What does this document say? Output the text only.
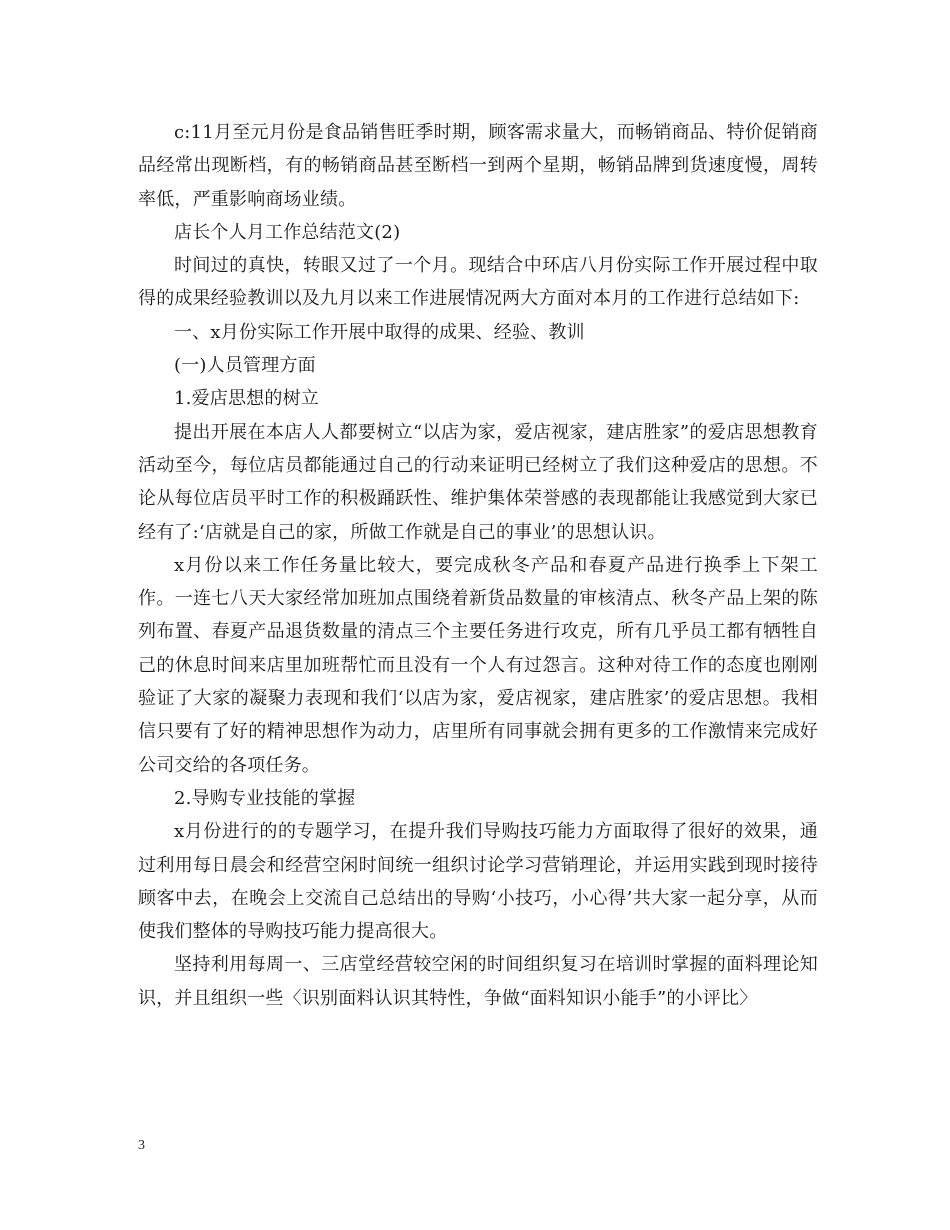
c:11月至元月份是食品销售旺季时期，顾客需求量大，而畅销商品、特价促销商品经常出现断档，有的畅销商品甚至断档一到两个星期，畅销品牌到货速度慢，周转率低，严重影响商场业绩。

店长个人月工作总结范文(2)

时间过的真快，转眼又过了一个月。现结合中环店八月份实际工作开展过程中取得的成果经验教训以及九月以来工作进展情况两大方面对本月的工作进行总结如下:

一、x月份实际工作开展中取得的成果、经验、教训

(一)人员管理方面

1.爱店思想的树立

提出开展在本店人人都要树立“以店为家，爱店视家，建店胜家”的爱店思想教育活动至今，每位店员都能通过自己的行动来证明已经树立了我们这种爱店的思想。不论从每位店员平时工作的积极踊跃性、维护集体荣誉感的表现都能让我感觉到大家已经有了:‘店就是自己的家，所做工作就是自己的事业’的思想认识。

x月份以来工作任务量比较大，要完成秋冬产品和春夏产品进行换季上下架工作。一连七八天大家经常加班加点围绕着新货品数量的审核清点、秋冬产品上架的陈列布置、春夏产品退货数量的清点三个主要任务进行攻克，所有几乎员工都有牺牲自己的休息时间来店里加班帮忙而且没有一个人有过怨言。这种对待工作的态度也刚刚验证了大家的凝聚力表现和我们‘以店为家，爱店视家，建店胜家’的爱店思想。我相信只要有了好的精神思想作为动力，店里所有同事就会拥有更多的工作激情来完成好公司交给的各项任务。

2.导购专业技能的掌握

x月份进行的的专题学习，在提升我们导购技巧能力方面取得了很好的效果，通过利用每日晨会和经营空闲时间统一组织讨论学习营销理论，并运用实践到现时接待顾客中去，在晚会上交流自己总结出的导购‘小技巧，小心得’共大家一起分享，从而使我们整体的导购技巧能力提高很大。

坚持利用每周一、三店堂经营较空闲的时间组织复习在培训时掌握的面料理论知识，并且组织一些〈识别面料认识其特性，争做“面料知识小能手”的小评比〉

3
